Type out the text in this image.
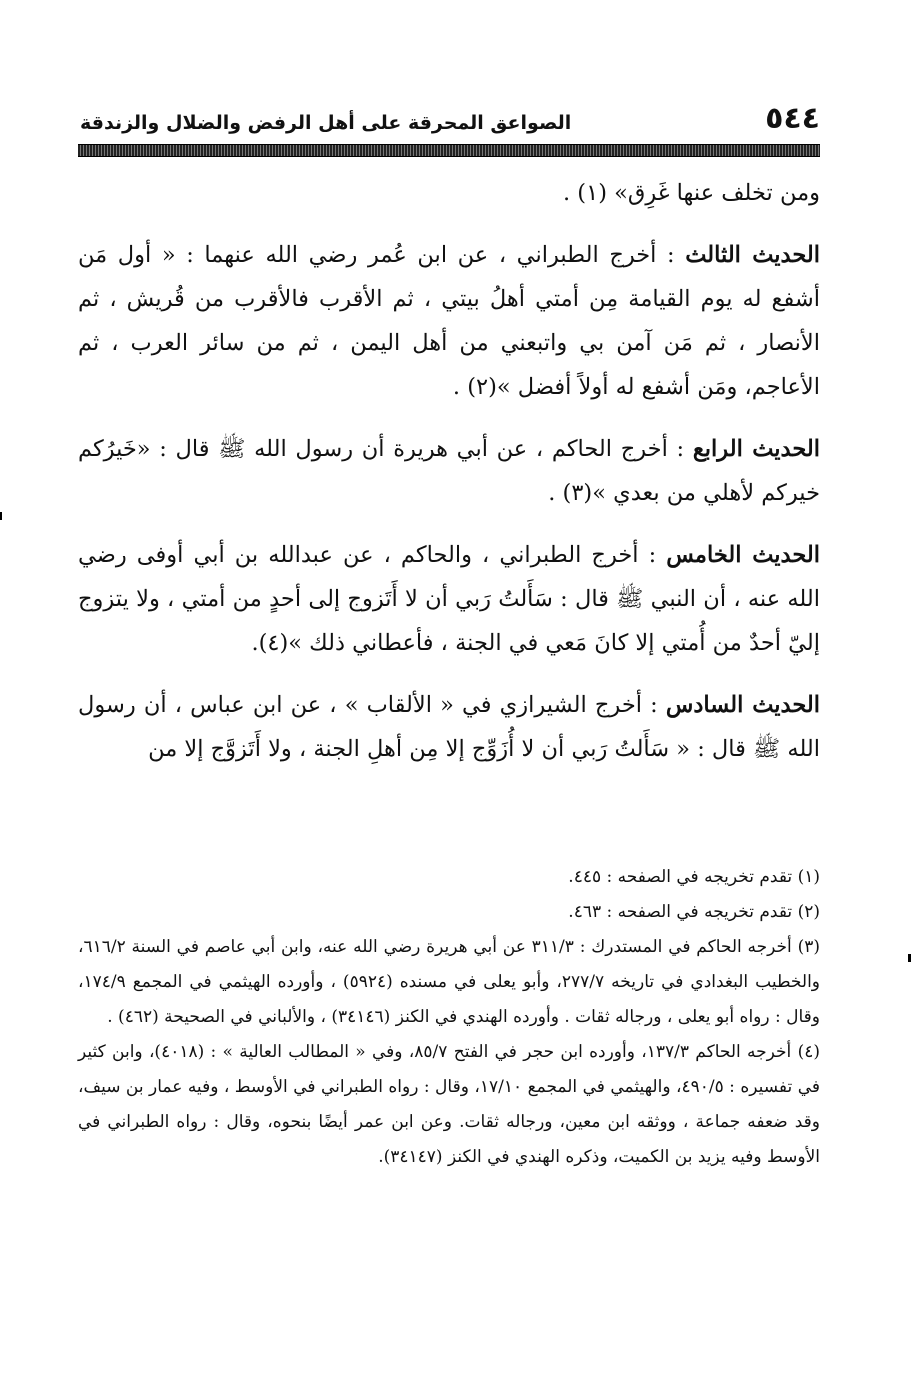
٥٤٤
الصواعق المحرقة على أهل الرفض والضلال والزندقة

ومن تخلف عنها غَرِق» (١) .

الحديث الثالث : أخرج الطبراني ، عن ابن عُمر رضي الله عنهما : « أول مَن أشفع له يوم القيامة مِن أمتي أهلُ بيتي ، ثم الأقرب فالأقرب من قُريش ، ثم الأنصار ، ثم مَن آمن بي واتبعني من أهل اليمن ، ثم من سائر العرب ، ثم الأعاجم، ومَن أشفع له أولاً أفضل »(٢) .

الحديث الرابع : أخرج الحاكم ، عن أبي هريرة أن رسول الله ﷺ قال : «خَيرُكم خيركم لأهلي من بعدي »(٣) .

الحديث الخامس : أخرج الطبراني ، والحاكم ، عن عبدالله بن أبي أوفى رضي الله عنه ، أن النبي ﷺ قال : سَأَلتُ رَبي أن لا أَتَزوج إلى أحدٍ من أمتي ، ولا يتزوج إليّ أحدٌ من أُمتي إلا كانَ مَعي في الجنة ، فأعطاني ذلك »(٤).

الحديث السادس : أخرج الشيرازي في « الألقاب » ، عن ابن عباس ، أن رسول الله ﷺ قال : « سَأَلتُ رَبي أن لا أُزَوِّج إلا مِن أهلِ الجنة ، ولا أَتَزوَّج إلا من

(١) تقدم تخريجه في الصفحه : ٤٤٥.

(٢) تقدم تخريجه في الصفحه : ٤٦٣.

(٣) أخرجه الحاكم في المستدرك : ٣١١/٣ عن أبي هريرة رضي الله عنه، وابن أبي عاصم في السنة ٦١٦/٢، والخطيب البغدادي في تاريخه ٢٧٧/٧، وأبو يعلى في مسنده (٥٩٢٤) ، وأورده الهيثمي في المجمع ١٧٤/٩، وقال : رواه أبو يعلى ، ورجاله ثقات . وأورده الهندي في الكنز (٣٤١٤٦) ، والألباني في الصحيحة (٤٦٢) .

(٤) أخرجه الحاكم ١٣٧/٣، وأورده ابن حجر في الفتح ٨٥/٧، وفي « المطالب العالية » : (٤٠١٨)، وابن كثير في تفسيره : ٤٩٠/٥، والهيثمي في المجمع ١٧/١٠، وقال : رواه الطبراني في الأوسط ، وفيه عمار بن سيف، وقد ضعفه جماعة ، ووثقه ابن معين، ورجاله ثقات. وعن ابن عمر أيضًا بنحوه، وقال : رواه الطبراني في الأوسط وفيه يزيد بن الكميت، وذكره الهندي في الكنز (٣٤١٤٧).
